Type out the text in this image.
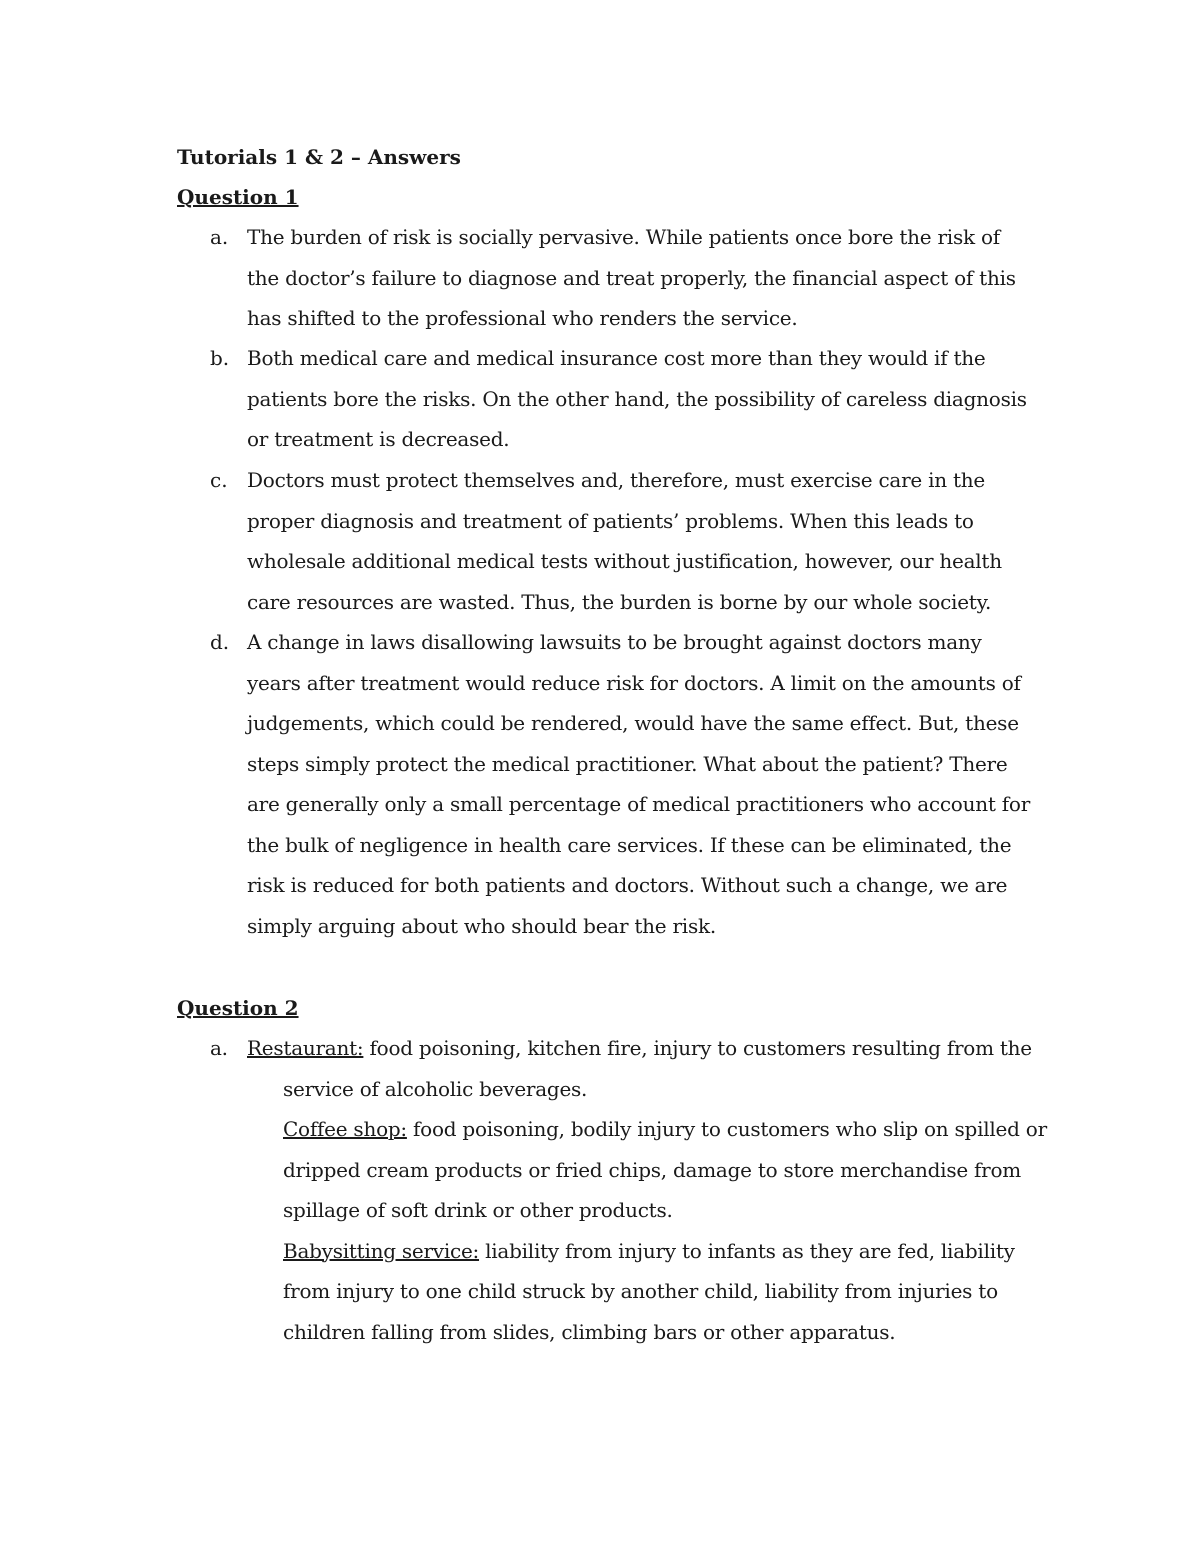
Tutorials 1 & 2 – Answers
Question 1
a. The burden of risk is socially pervasive. While patients once bore the risk of the doctor’s failure to diagnose and treat properly, the financial aspect of this has shifted to the professional who renders the service.
b. Both medical care and medical insurance cost more than they would if the patients bore the risks. On the other hand, the possibility of careless diagnosis or treatment is decreased.
c. Doctors must protect themselves and, therefore, must exercise care in the proper diagnosis and treatment of patients’ problems. When this leads to wholesale additional medical tests without justification, however, our health care resources are wasted. Thus, the burden is borne by our whole society.
d. A change in laws disallowing lawsuits to be brought against doctors many years after treatment would reduce risk for doctors. A limit on the amounts of judgements, which could be rendered, would have the same effect. But, these steps simply protect the medical practitioner. What about the patient? There are generally only a small percentage of medical practitioners who account for the bulk of negligence in health care services. If these can be eliminated, the risk is reduced for both patients and doctors. Without such a change, we are simply arguing about who should bear the risk.
Question 2
a. Restaurant: food poisoning, kitchen fire, injury to customers resulting from the
service of alcoholic beverages.
Coffee shop: food poisoning, bodily injury to customers who slip on spilled or
dripped cream products or fried chips, damage to store merchandise from
spillage of soft drink or other products.
Babysitting service: liability from injury to infants as they are fed, liability
from injury to one child struck by another child, liability from injuries to
children falling from slides, climbing bars or other apparatus.
